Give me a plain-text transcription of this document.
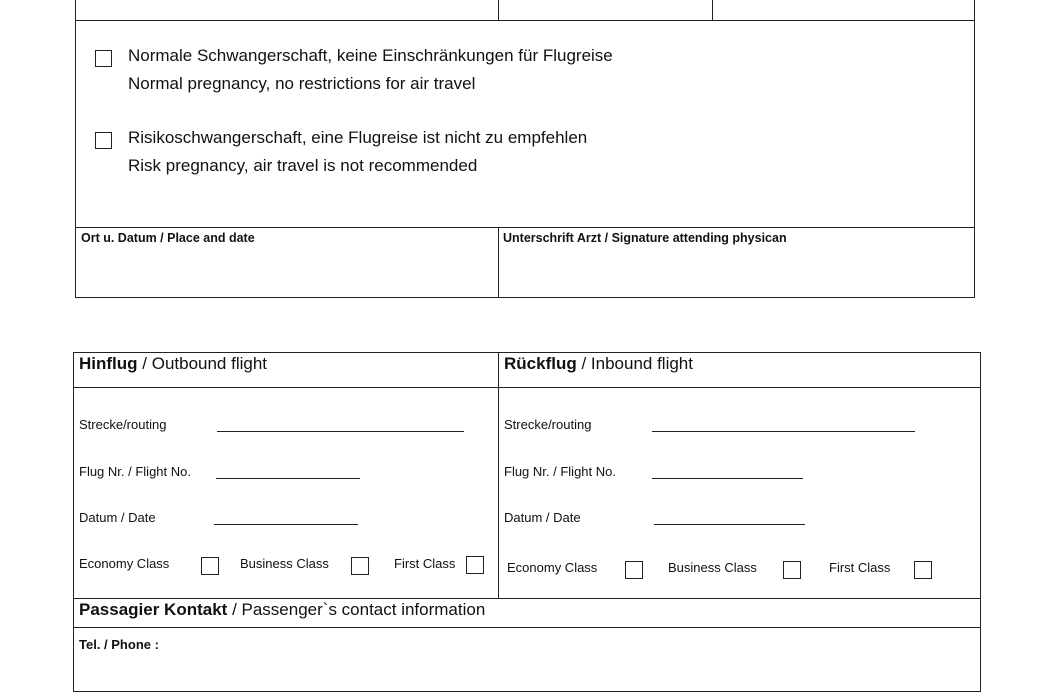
Normale Schwangerschaft, keine Einschränkungen für Flugreise
Normal pregnancy, no restrictions for air travel
Risikoschwangerschaft, eine Flugreise ist nicht zu empfehlen
Risk pregnancy, air travel is not recommended
Ort u. Datum / Place and date	Unterschrift Arzt / Signature attending physican
Hinflug / Outbound flight
Strecke/routing
Flug Nr. / Flight No.
Datum / Date
Economy Class	Business Class	First Class
Rückflug / Inbound flight
Strecke/routing
Flug Nr. / Flight No.
Datum / Date
Economy Class	Business Class	First Class
Passagier Kontakt / Passenger`s contact information
Tel. / Phone :
